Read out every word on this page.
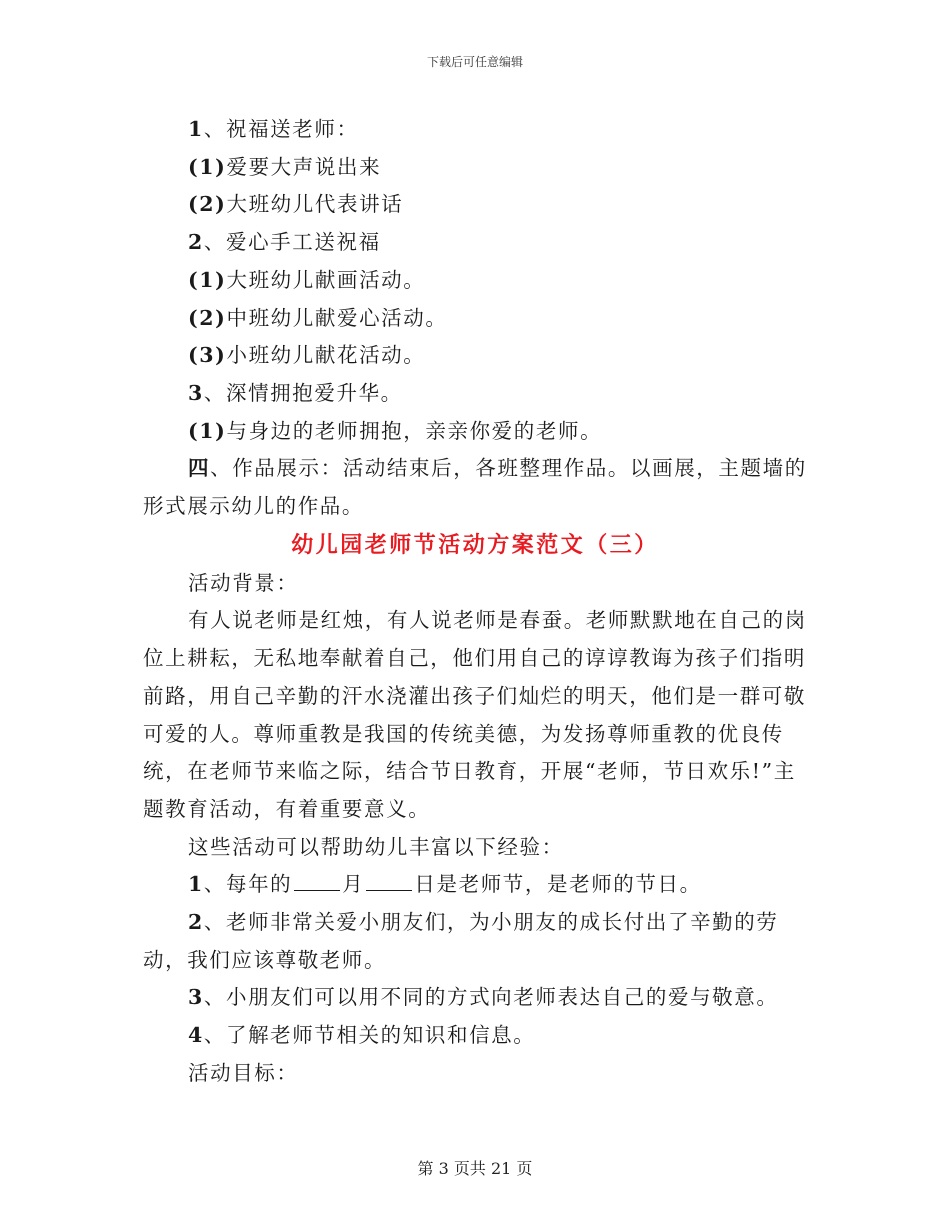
下载后可任意编辑

1、祝福送老师：

(1)爱要大声说出来

(2)大班幼儿代表讲话

2、爱心手工送祝福

(1)大班幼儿献画活动。

(2)中班幼儿献爱心活动。

(3)小班幼儿献花活动。

3、深情拥抱爱升华。

(1)与身边的老师拥抱，亲亲你爱的老师。

四、作品展示：活动结束后，各班整理作品。以画展，主题墙的形式展示幼儿的作品。

幼儿园老师节活动方案范文（三）

活动背景：

有人说老师是红烛，有人说老师是春蚕。老师默默地在自己的岗位上耕耘，无私地奉献着自己，他们用自己的谆谆教诲为孩子们指明前路，用自己辛勤的汗水浇灌出孩子们灿烂的明天，他们是一群可敬可爱的人。尊师重教是我国的传统美德，为发扬尊师重教的优良传统，在老师节来临之际，结合节日教育，开展“老师，节日欢乐!”主题教育活动，有着重要意义。

这些活动可以帮助幼儿丰富以下经验：

1、每年的 月 日是老师节，是老师的节日。

2、老师非常关爱小朋友们，为小朋友的成长付出了辛勤的劳动，我们应该尊敬老师。

3、小朋友们可以用不同的方式向老师表达自己的爱与敬意。

4、了解老师节相关的知识和信息。

活动目标：

第 3 页共 21 页
